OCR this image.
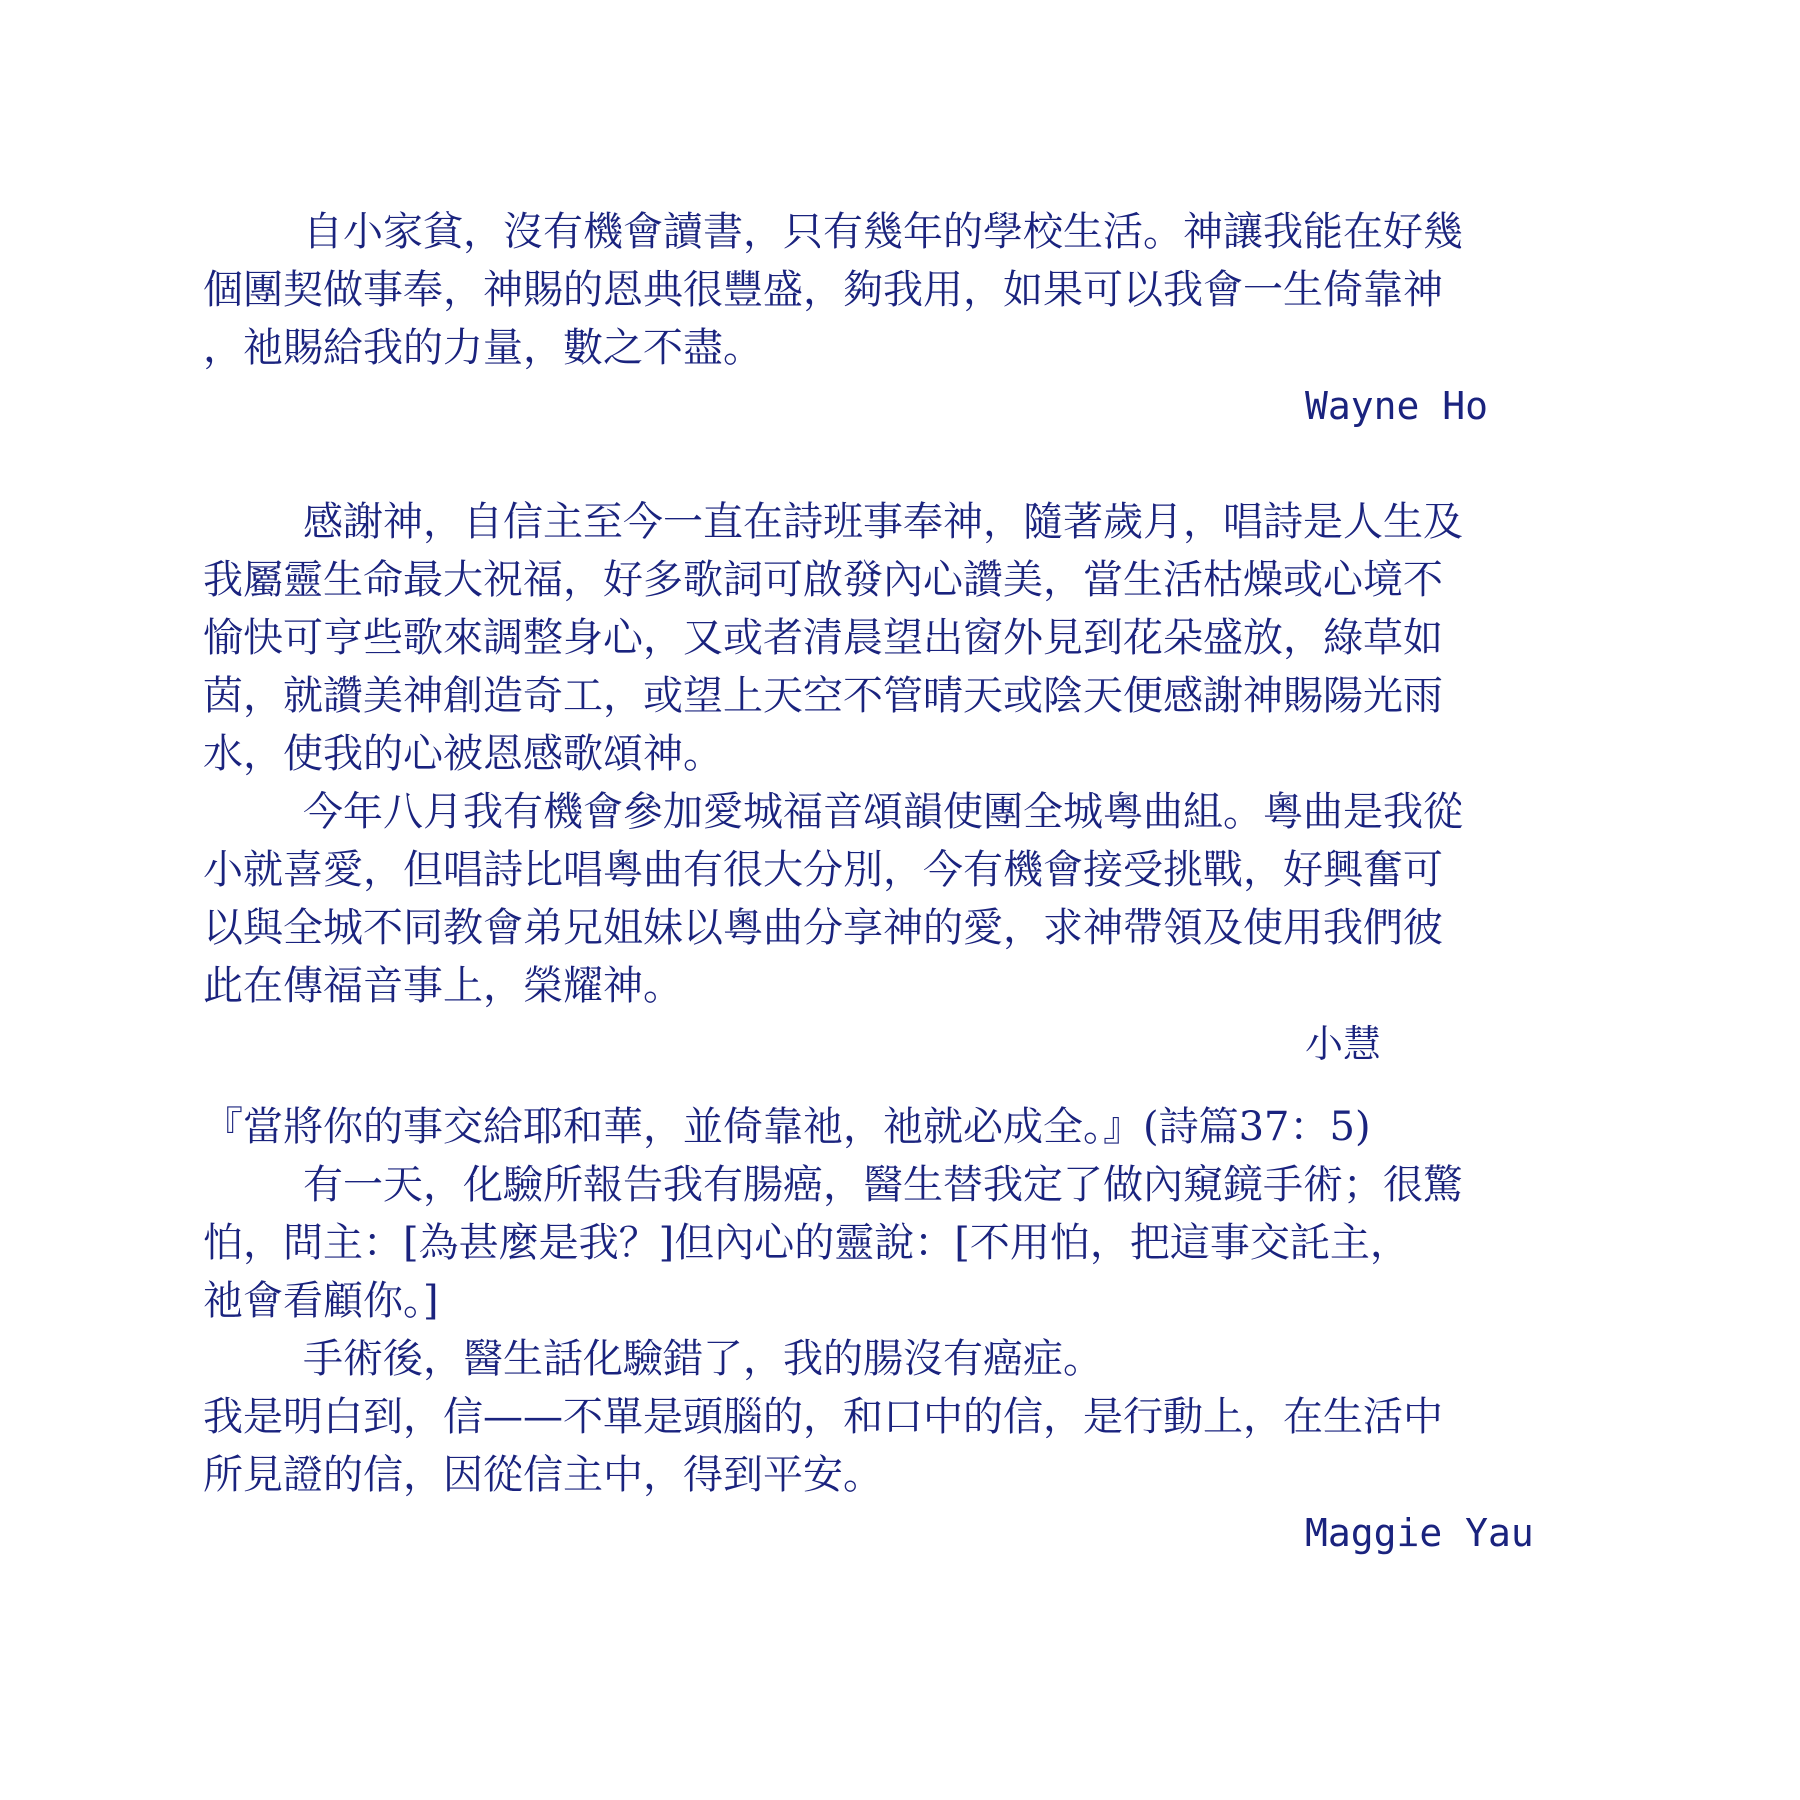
自小家貧，沒有機會讀書，只有幾年的學校生活。神讓我能在好幾

個團契做事奉，神賜的恩典很豐盛，夠我用，如果可以我會一生倚靠神

，祂賜給我的力量，數之不盡。

Wayne Ho

感謝神，自信主至今一直在詩班事奉神，隨著歲月，唱詩是人生及

我屬靈生命最大祝福，好多歌詞可啟發內心讚美，當生活枯燥或心境不

愉快可亨些歌來調整身心，又或者清晨望出窗外見到花朵盛放，綠草如

茵，就讚美神創造奇工，或望上天空不管晴天或陰天便感謝神賜陽光雨

水，使我的心被恩感歌頌神。

今年八月我有機會參加愛城福音頌韻使團全城粵曲組。粵曲是我從

小就喜愛，但唱詩比唱粵曲有很大分別，今有機會接受挑戰，好興奮可

以與全城不同教會弟兄姐妹以粵曲分享神的愛，求神帶領及使用我們彼

此在傳福音事上，榮耀神。

小慧

『當將你的事交給耶和華，並倚靠祂，祂就必成全。』(詩篇37：5)

有一天，化驗所報告我有腸癌，醫生替我定了做內窺鏡手術；很驚

怕，問主：[為甚麼是我？]但內心的靈說：[不用怕，把這事交託主，

祂會看顧你。]

手術後，醫生話化驗錯了，我的腸沒有癌症。

我是明白到，信——不單是頭腦的，和口中的信，是行動上，在生活中

所見證的信，因從信主中，得到平安。

Maggie Yau
